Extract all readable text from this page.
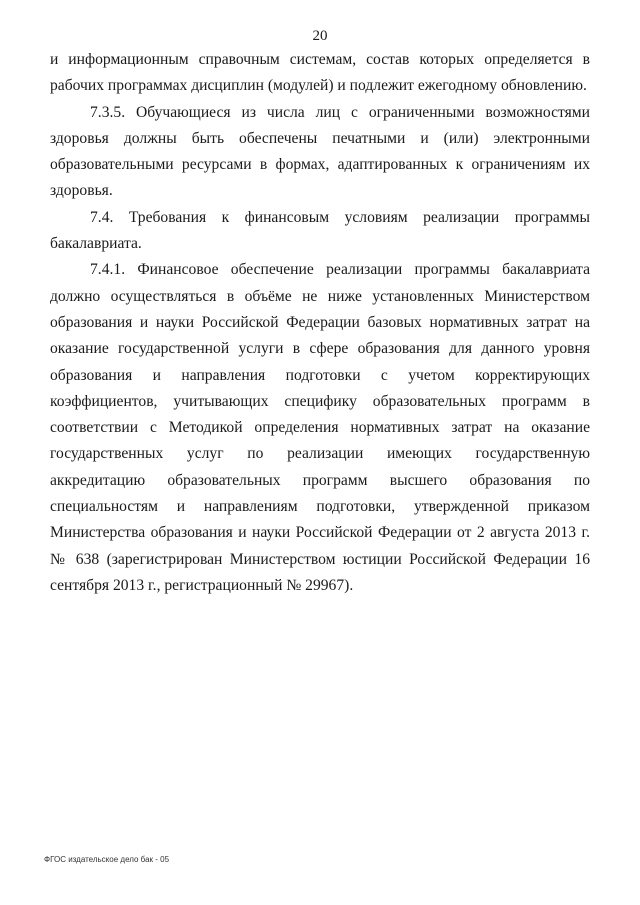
20

и информационным справочным системам, состав которых определяется в рабочих программах дисциплин (модулей) и подлежит ежегодному обновлению.

7.3.5. Обучающиеся из числа лиц с ограниченными возможностями здоровья должны быть обеспечены печатными и (или) электронными образовательными ресурсами в формах, адаптированных к ограничениям их здоровья.

7.4. Требования к финансовым условиям реализации программы бакалавриата.

7.4.1. Финансовое обеспечение реализации программы бакалавриата должно осуществляться в объёме не ниже установленных Министерством образования и науки Российской Федерации базовых нормативных затрат на оказание государственной услуги в сфере образования для данного уровня образования и направления подготовки с учетом корректирующих коэффициентов, учитывающих специфику образовательных программ в соответствии с Методикой определения нормативных затрат на оказание государственных услуг по реализации имеющих государственную аккредитацию образовательных программ высшего образования по специальностям и направлениям подготовки, утвержденной приказом Министерства образования и науки Российской Федерации от 2 августа 2013 г. № 638 (зарегистрирован Министерством юстиции Российской Федерации 16 сентября 2013 г., регистрационный № 29967).

ФГОС издательское дело бак - 05
